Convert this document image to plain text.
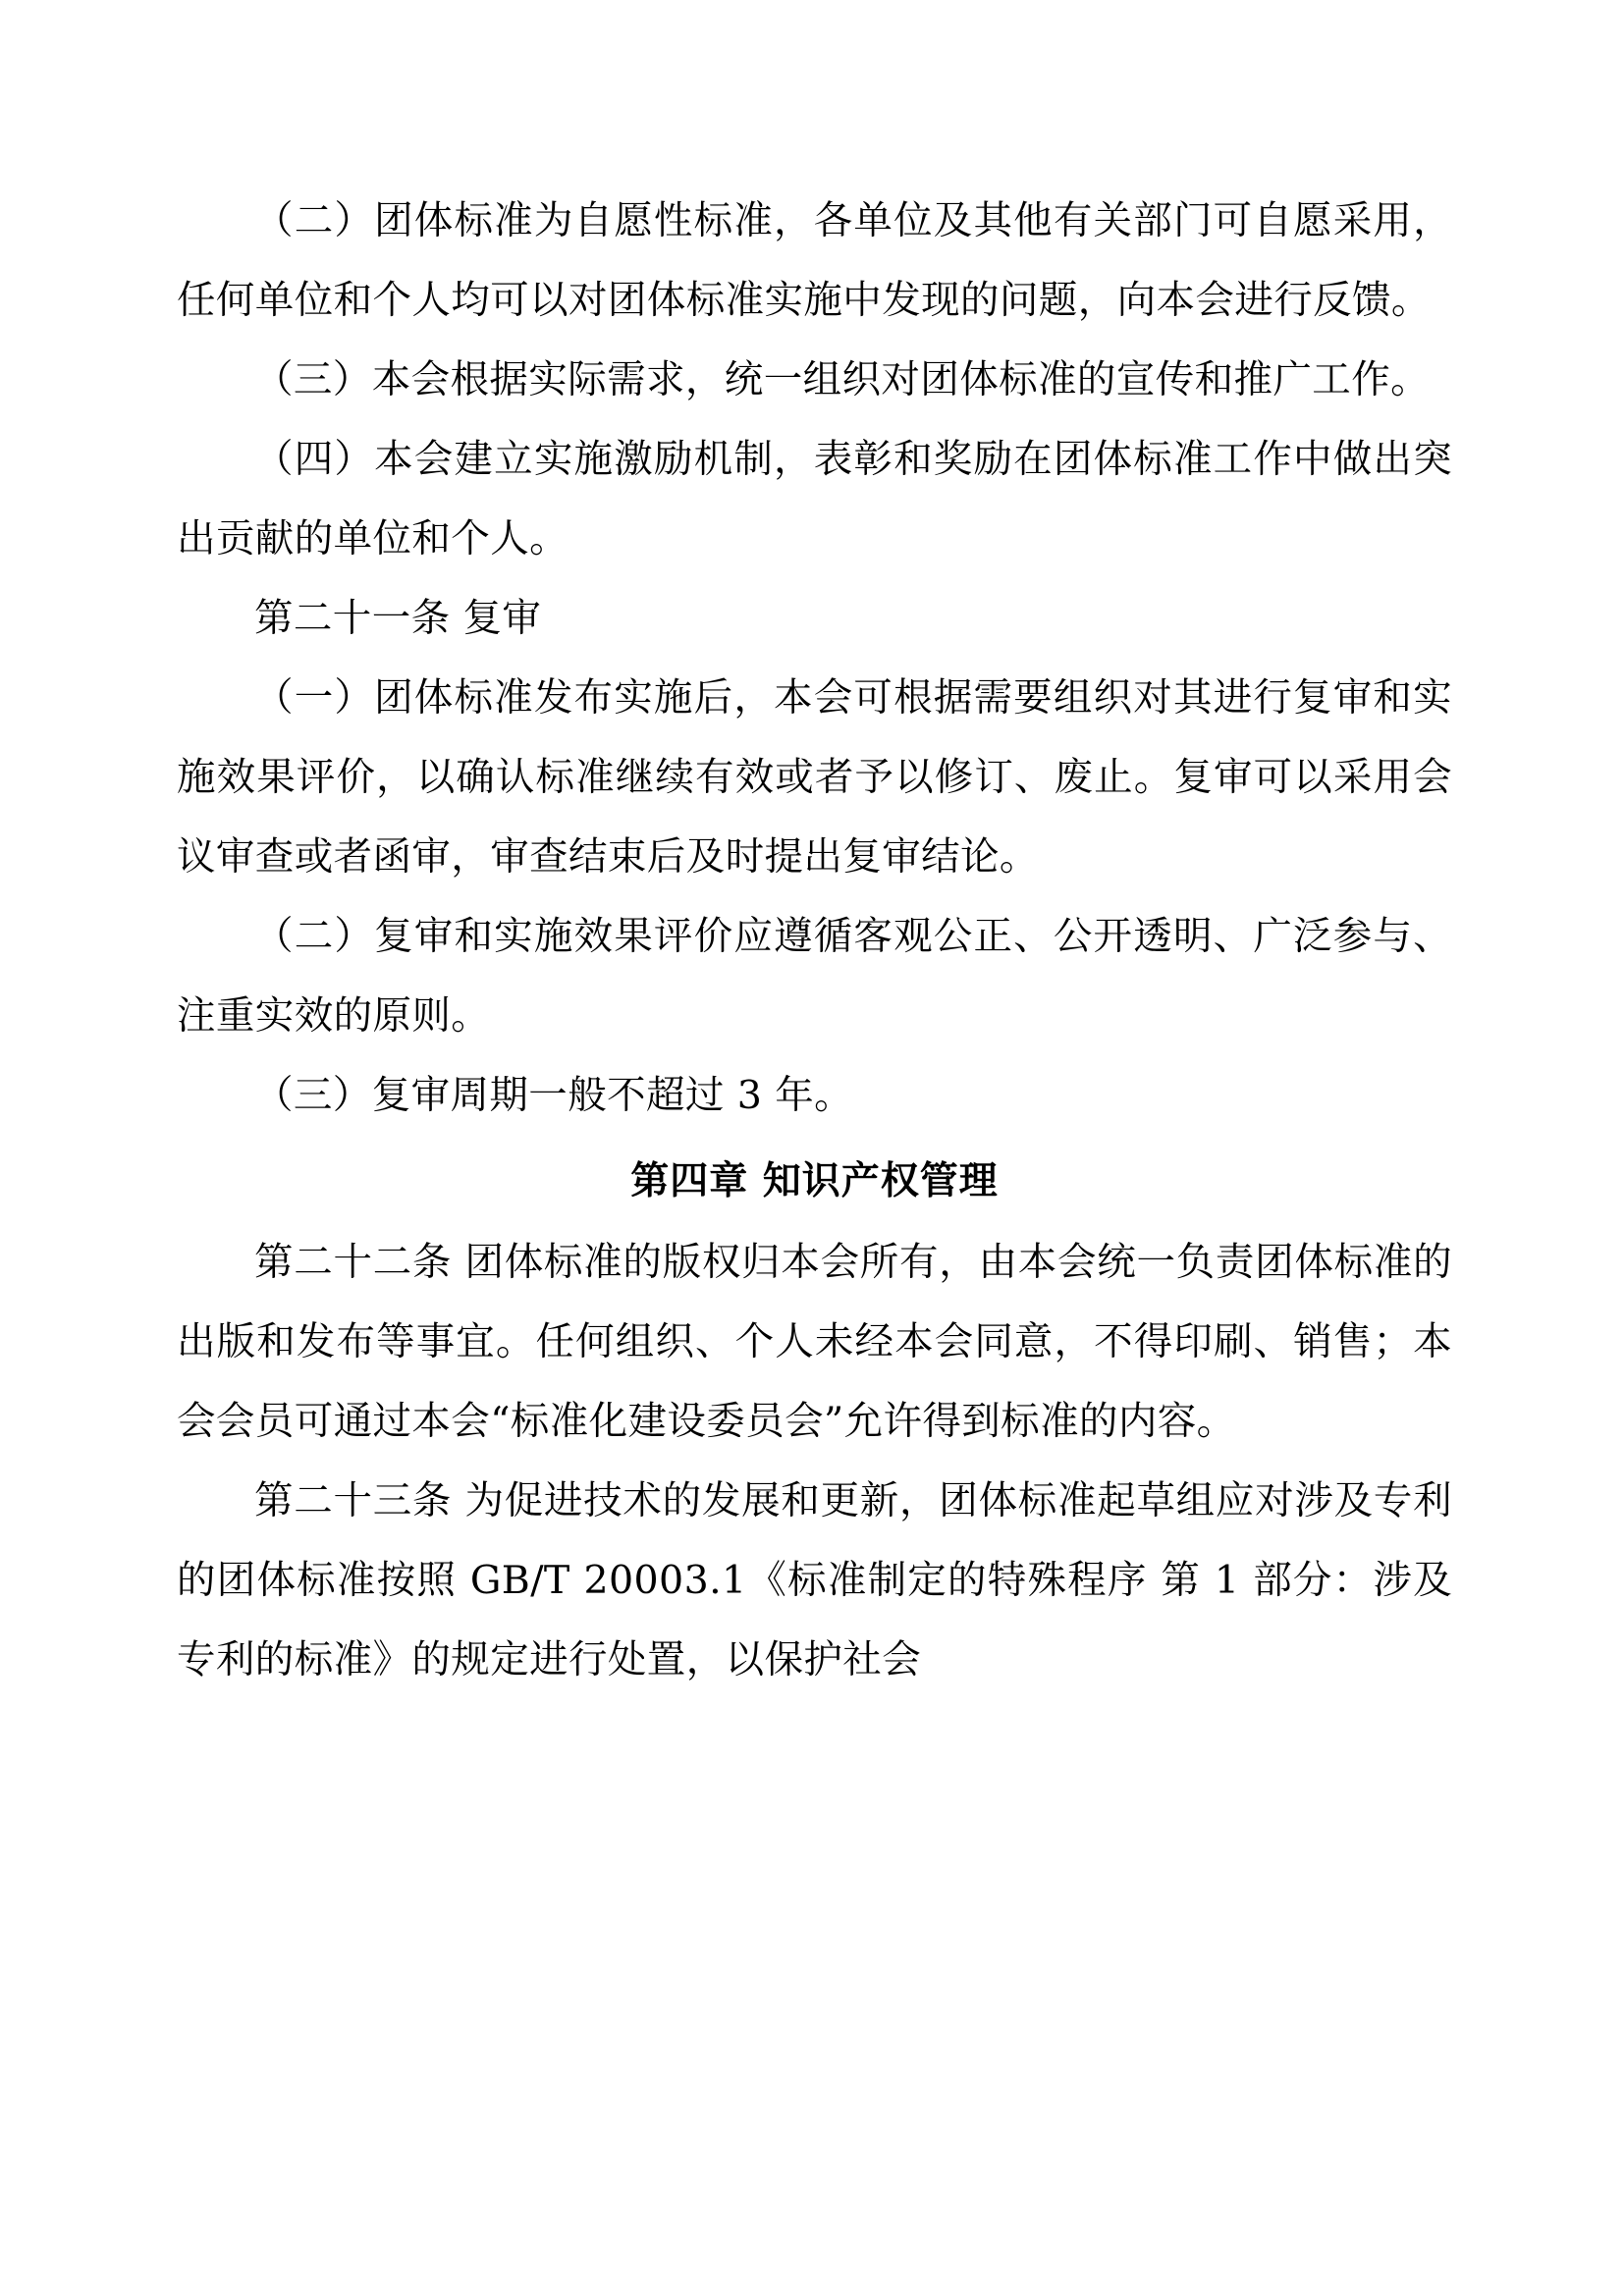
（二）团体标准为自愿性标准，各单位及其他有关部门可自愿采用，任何单位和个人均可以对团体标准实施中发现的问题，向本会进行反馈。

（三）本会根据实际需求，统一组织对团体标准的宣传和推广工作。

（四）本会建立实施激励机制，表彰和奖励在团体标准工作中做出突出贡献的单位和个人。

第二十一条 复审

（一）团体标准发布实施后，本会可根据需要组织对其进行复审和实施效果评价，以确认标准继续有效或者予以修订、废止。复审可以采用会议审查或者函审，审查结束后及时提出复审结论。

（二）复审和实施效果评价应遵循客观公正、公开透明、广泛参与、注重实效的原则。

（三）复审周期一般不超过 3 年。

第四章 知识产权管理

第二十二条 团体标准的版权归本会所有，由本会统一负责团体标准的出版和发布等事宜。任何组织、个人未经本会同意，不得印刷、销售；本会会员可通过本会“标准化建设委员会”允许得到标准的内容。

第二十三条 为促进技术的发展和更新，团体标准起草组应对涉及专利的团体标准按照 GB/T 20003.1《标准制定的特殊程序 第 1 部分：涉及专利的标准》的规定进行处置，以保护社会
